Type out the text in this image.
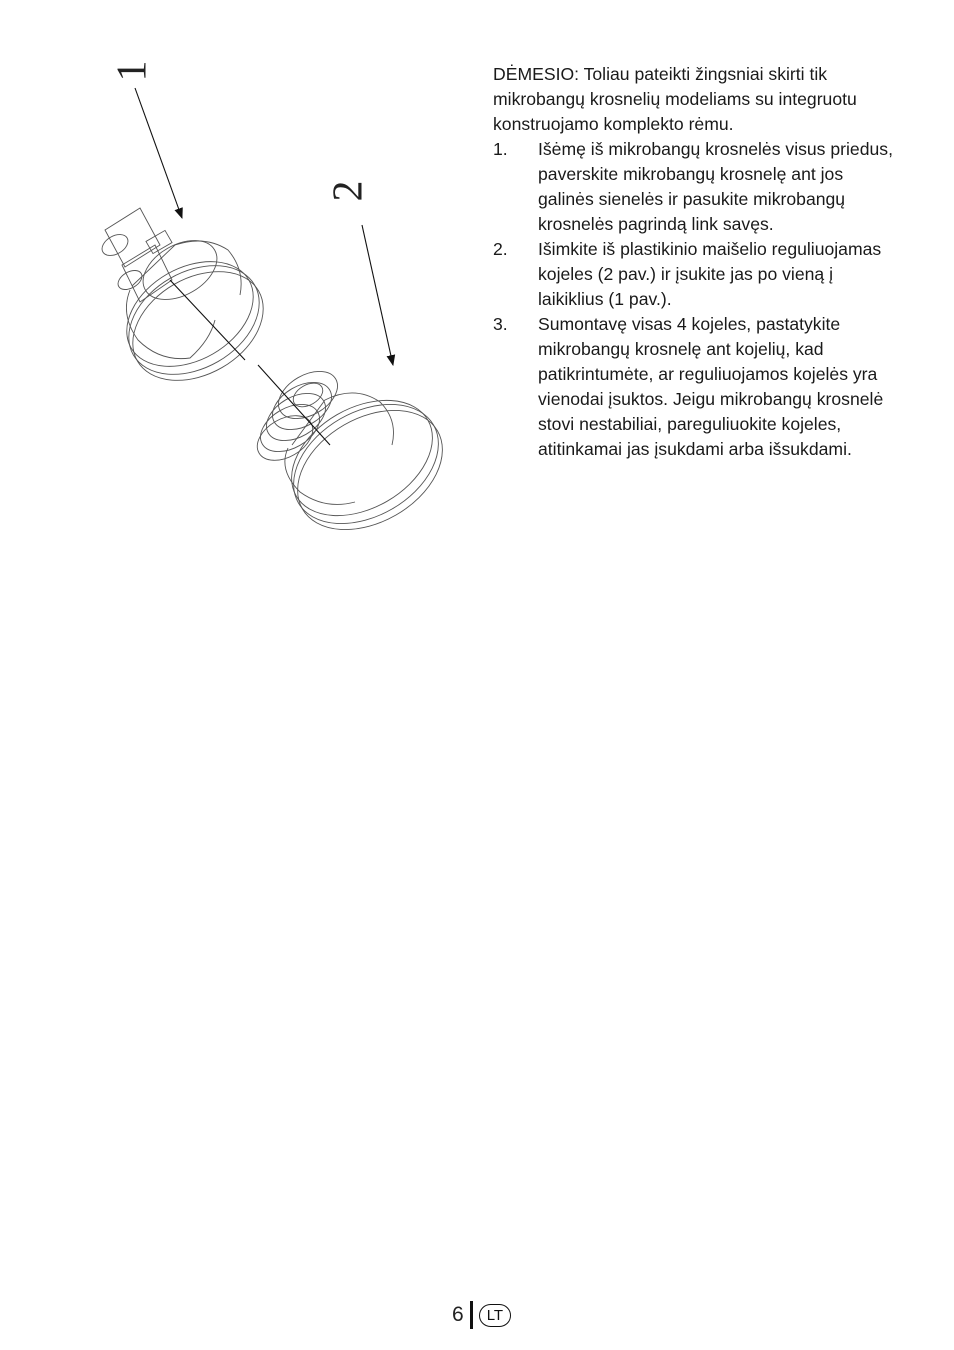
1
2

DĖMESIO: Toliau pateikti žingsniai skirti tik mikrobangų krosnelių modeliams su integruotu konstruojamo komplekto rėmu.

1.	Išėmę iš mikrobangų krosnelės visus priedus, paverskite mikrobangų krosnelę ant jos galinės sienelės ir pasukite mikrobangų krosnelės pagrindą link savęs.
2.	Išimkite iš plastikinio maišelio reguliuojamas kojeles (2 pav.) ir įsukite jas po vieną į laikiklius (1 pav.).
3.	Sumontavę visas 4 kojeles, pastatykite mikrobangų krosnelę ant kojelių, kad patikrintumėte, ar reguliuojamos kojelės yra vienodai įsuktos. Jeigu mikrobangų krosnelė stovi nestabiliai, pareguliuokite kojeles, atitinkamai jas įsukdami arba išsukdami.
6	LT
